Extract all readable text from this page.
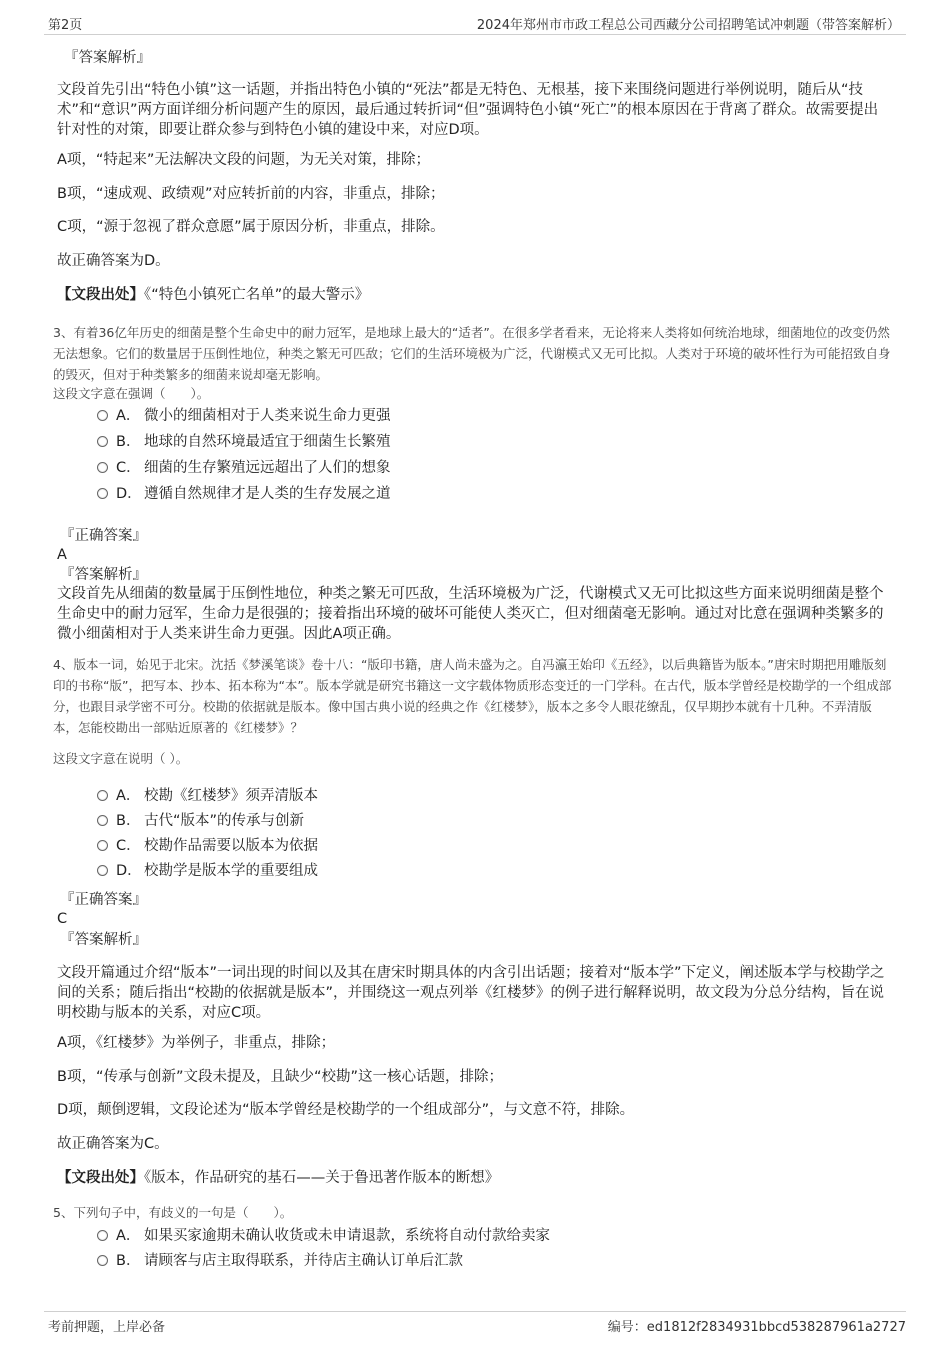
第2页	2024年郑州市市政工程总公司西藏分公司招聘笔试冲刺题（带答案解析）
『答案解析』
文段首先引出“特色小镇”这一话题，并指出特色小镇的“死法”都是无特色、无根基，接下来围绕问题进行举例说明，随后从“技术”和“意识”两方面详细分析问题产生的原因，最后通过转折词“但”强调特色小镇“死亡”的根本原因在于背离了群众。故需要提出针对性的对策，即要让群众参与到特色小镇的建设中来，对应D项。
A项，“特起来”无法解决文段的问题，为无关对策，排除；
B项，“速成观、政绩观”对应转折前的内容，非重点，排除；
C项，“源于忽视了群众意愿”属于原因分析，非重点，排除。
故正确答案为D。
【文段出处】《“特色小镇死亡名单”的最大警示》
3、有着36亿年历史的细菌是整个生命史中的耐力冠军，是地球上最大的“适者”。在很多学者看来，无论将来人类将如何统治地球，细菌地位的改变仍然无法想象。它们的数量居于压倒性地位，种类之繁无可匹敌；它们的生活环境极为广泛，代谢模式又无可比拟。人类对于环境的破坏性行为可能招致自身的毁灭，但对于种类繁多的细菌来说却毫无影响。
这段文字意在强调（　　）。
A． 微小的细菌相对于人类来说生命力更强
B． 地球的自然环境最适宜于细菌生长繁殖
C． 细菌的生存繁殖远远超出了人们的想象
D． 遵循自然规律才是人类的生存发展之道
『正确答案』
A
『答案解析』
文段首先从细菌的数量属于压倒性地位，种类之繁无可匹敌，生活环境极为广泛，代谢模式又无可比拟这些方面来说明细菌是整个生命史中的耐力冠军，生命力是很强的；接着指出环境的破坏可能使人类灭亡，但对细菌毫无影响。通过对比意在强调种类繁多的微小细菌相对于人类来讲生命力更强。因此A项正确。
4、版本一词，始见于北宋。沈括《梦溪笔谈》卷十八：“版印书籍，唐人尚未盛为之。自冯瀛王始印《五经》，以后典籍皆为版本。”唐宋时期把用雕版刻印的书称“版”，把写本、抄本、拓本称为“本”。版本学就是研究书籍这一文字载体物质形态变迁的一门学科。在古代，版本学曾经是校勘学的一个组成部分，也跟目录学密不可分。校勘的依据就是版本。像中国古典小说的经典之作《红楼梦》，版本之多令人眼花缭乱，仅早期抄本就有十几种。不弄清版本，怎能校勘出一部贴近原著的《红楼梦》？
这段文字意在说明（ ）。
A． 校勘《红楼梦》须弄清版本
B． 古代“版本”的传承与创新
C． 校勘作品需要以版本为依据
D． 校勘学是版本学的重要组成
『正确答案』
C
『答案解析』
文段开篇通过介绍“版本”一词出现的时间以及其在唐宋时期具体的内含引出话题；接着对“版本学”下定义，阐述版本学与校勘学之间的关系；随后指出“校勘的依据就是版本”，并围绕这一观点列举《红楼梦》的例子进行解释说明，故文段为分总分结构，旨在说明校勘与版本的关系，对应C项。
A项，《红楼梦》为举例子，非重点，排除；
B项，“传承与创新”文段未提及，且缺少“校勘”这一核心话题，排除；
D项，颠倒逻辑，文段论述为“版本学曾经是校勘学的一个组成部分”，与文意不符，排除。
故正确答案为C。
【文段出处】《版本，作品研究的基石——关于鲁迅著作版本的断想》
5、下列句子中，有歧义的一句是（　　）。
A． 如果买家逾期未确认收货或未申请退款，系统将自动付款给卖家
B． 请顾客与店主取得联系，并待店主确认订单后汇款
考前押题，上岸必备	编号：ed1812f2834931bbcd538287961a2727
